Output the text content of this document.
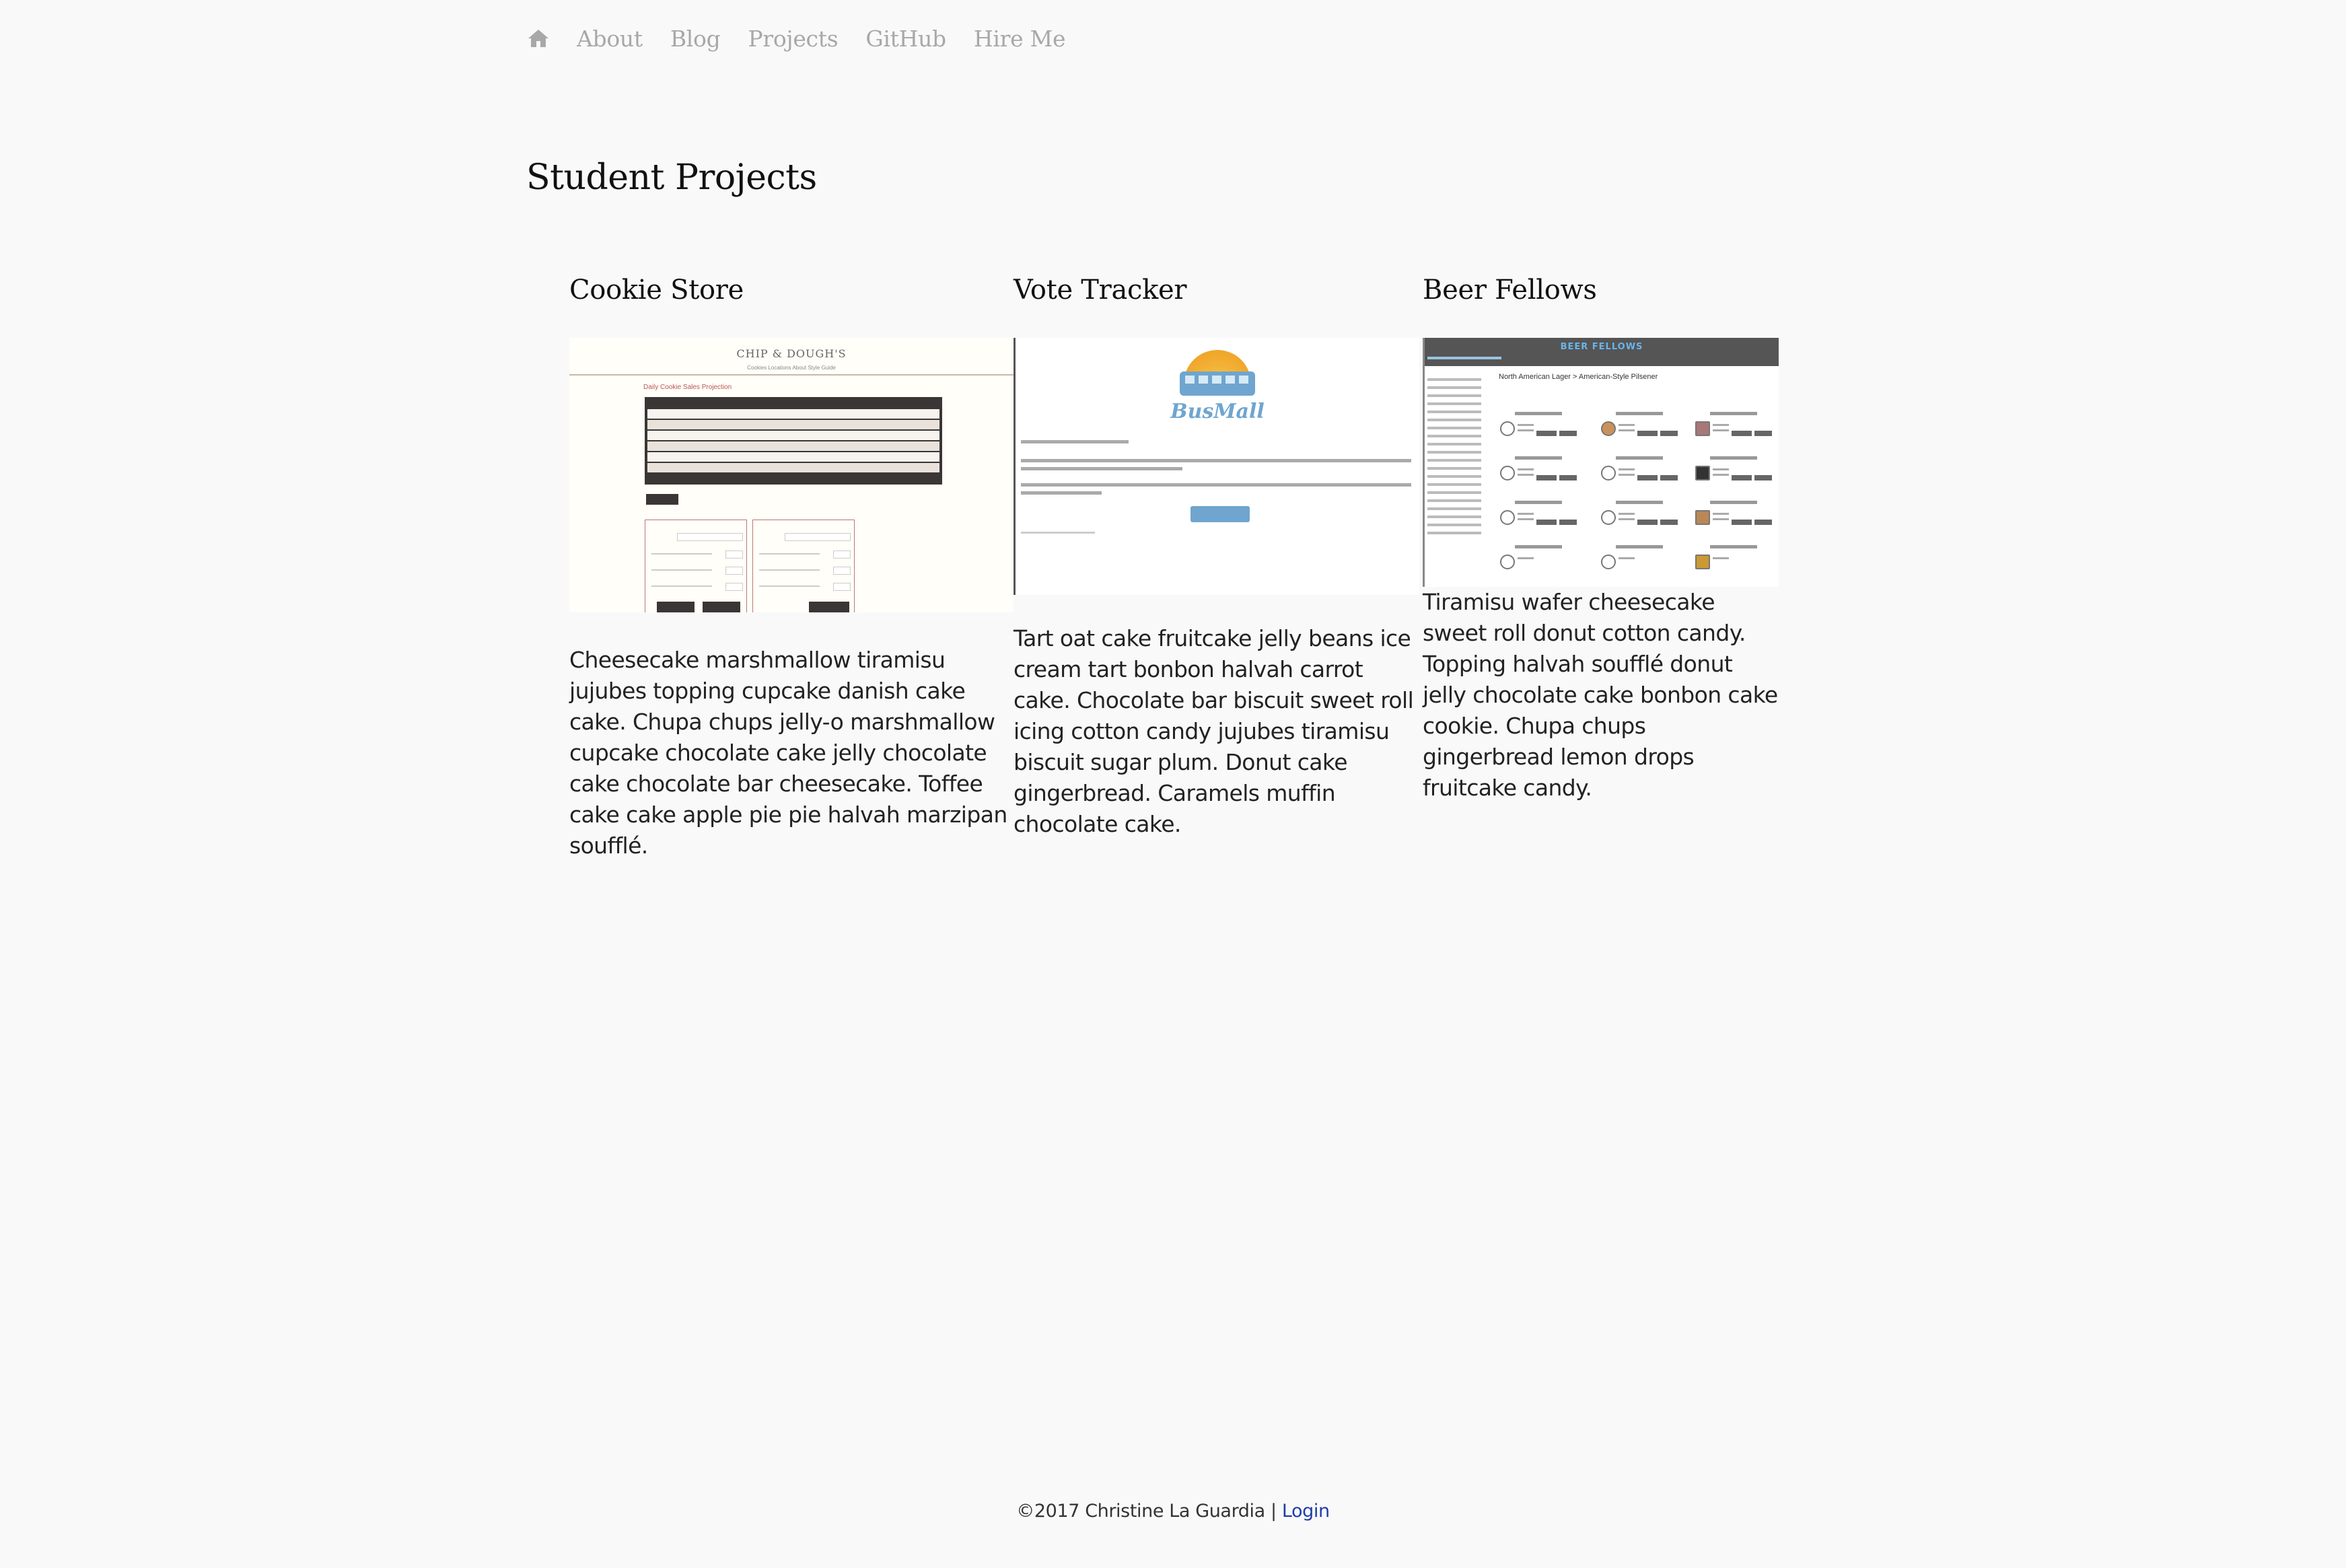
About Blog Projects GitHub Hire Me
Student Projects
Cookie Store
CHIP & DOUGH'S
Cookies Locations About Style Guide
Daily Cookie Sales Projection

Cheesecake marshmallow tiramisu jujubes topping cupcake danish cake cake. Chupa chups jelly-o marshmallow cupcake chocolate cake jelly chocolate cake chocolate bar cheesecake. Toffee cake cake apple pie pie halvah marzipan soufflé.

Vote Tracker
BusMall

Tart oat cake fruitcake jelly beans ice cream tart bonbon halvah carrot cake. Chocolate bar biscuit sweet roll icing cotton candy jujubes tiramisu biscuit sugar plum. Donut cake gingerbread. Caramels muffin chocolate cake.

Beer Fellows
BEER FELLOWS
North American Lager > American-Style Pilsener

Tiramisu wafer cheesecake sweet roll donut cotton candy. Topping halvah soufflé donut jelly chocolate cake bonbon cake cookie. Chupa chups gingerbread lemon drops fruitcake candy.

©2017 Christine La Guardia | Login
